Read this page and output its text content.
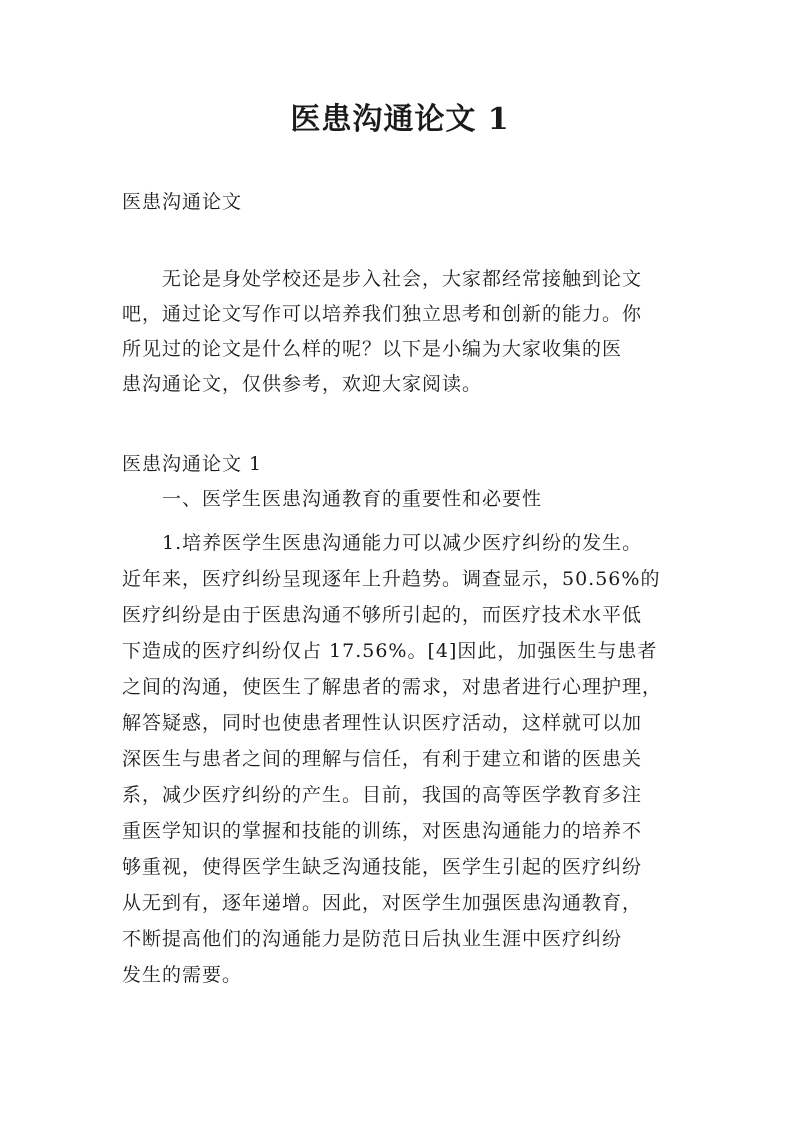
医患沟通论文 1
医患沟通论文
无论是身处学校还是步入社会，大家都经常接触到论文
吧，通过论文写作可以培养我们独立思考和创新的能力。你
所见过的论文是什么样的呢？以下是小编为大家收集的医
患沟通论文，仅供参考，欢迎大家阅读。
医患沟通论文 1
一、医学生医患沟通教育的重要性和必要性
1.培养医学生医患沟通能力可以减少医疗纠纷的发生。
近年来，医疗纠纷呈现逐年上升趋势。调查显示，50.56%的
医疗纠纷是由于医患沟通不够所引起的，而医疗技术水平低
下造成的医疗纠纷仅占 17.56%。[4]因此，加强医生与患者
之间的沟通，使医生了解患者的需求，对患者进行心理护理，
解答疑惑，同时也使患者理性认识医疗活动，这样就可以加
深医生与患者之间的理解与信任，有利于建立和谐的医患关
系，减少医疗纠纷的产生。目前，我国的高等医学教育多注
重医学知识的掌握和技能的训练，对医患沟通能力的培养不
够重视，使得医学生缺乏沟通技能，医学生引起的医疗纠纷
从无到有，逐年递增。因此，对医学生加强医患沟通教育，
不断提高他们的沟通能力是防范日后执业生涯中医疗纠纷
发生的需要。
